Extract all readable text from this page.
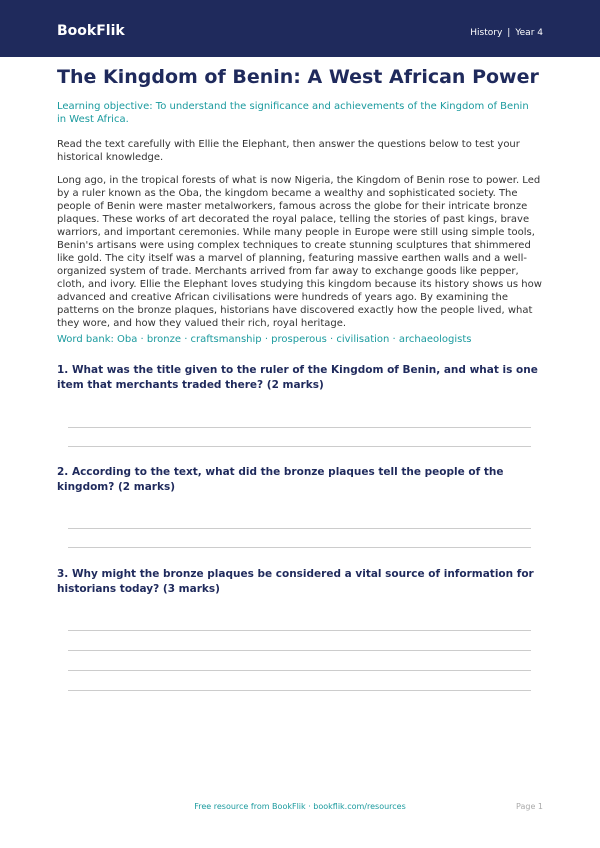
BookFlik	History | Year 4
The Kingdom of Benin: A West African Power
Learning objective: To understand the significance and achievements of the Kingdom of Benin in West Africa.
Read the text carefully with Ellie the Elephant, then answer the questions below to test your historical knowledge.
Long ago, in the tropical forests of what is now Nigeria, the Kingdom of Benin rose to power. Led by a ruler known as the Oba, the kingdom became a wealthy and sophisticated society. The people of Benin were master metalworkers, famous across the globe for their intricate bronze plaques. These works of art decorated the royal palace, telling the stories of past kings, brave warriors, and important ceremonies. While many people in Europe were still using simple tools, Benin's artisans were using complex techniques to create stunning sculptures that shimmered like gold. The city itself was a marvel of planning, featuring massive earthen walls and a well-organized system of trade. Merchants arrived from far away to exchange goods like pepper, cloth, and ivory. Ellie the Elephant loves studying this kingdom because its history shows us how advanced and creative African civilisations were hundreds of years ago. By examining the patterns on the bronze plaques, historians have discovered exactly how the people lived, what they wore, and how they valued their rich, royal heritage.
Word bank: Oba · bronze · craftsmanship · prosperous · civilisation · archaeologists
1. What was the title given to the ruler of the Kingdom of Benin, and what is one item that merchants traded there? (2 marks)
2. According to the text, what did the bronze plaques tell the people of the kingdom? (2 marks)
3. Why might the bronze plaques be considered a vital source of information for historians today? (3 marks)
Free resource from BookFlik · bookflik.com/resources	Page 1
